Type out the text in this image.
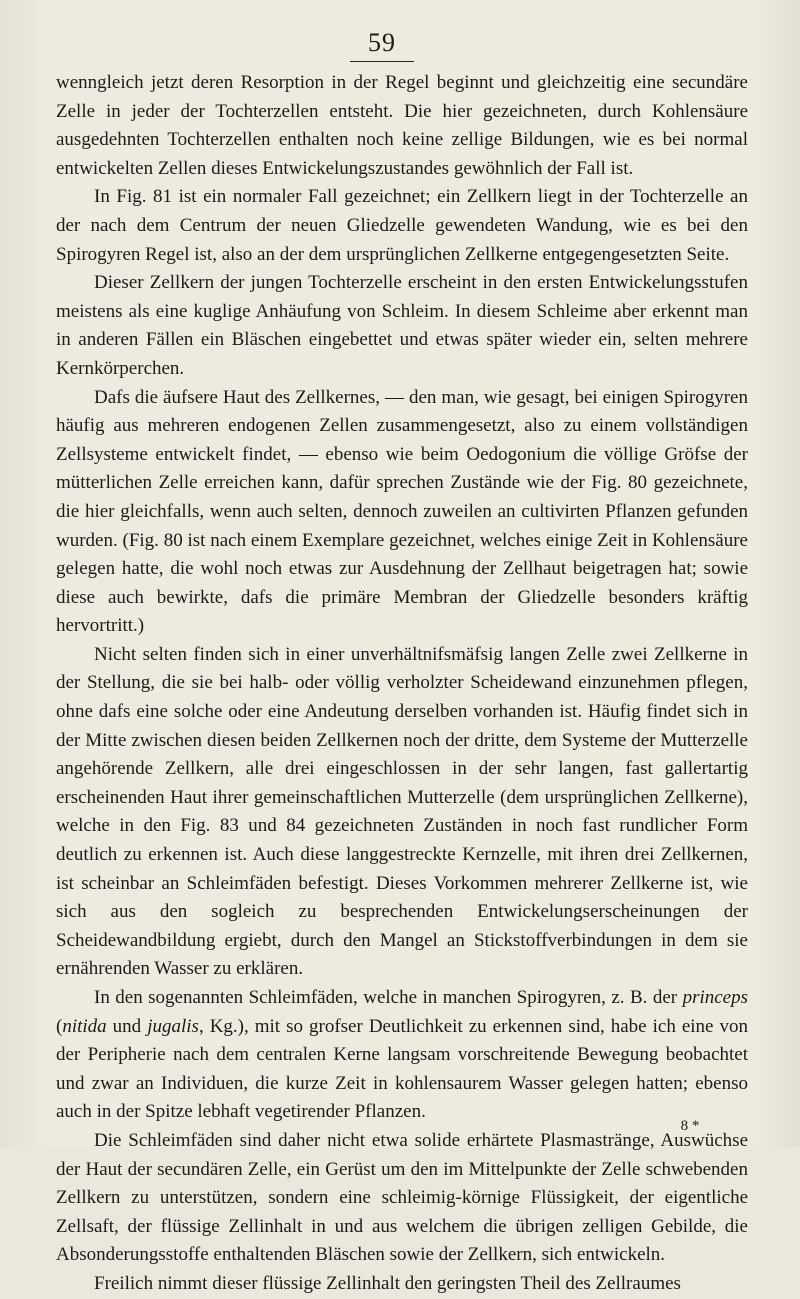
59

wenngleich jetzt deren Resorption in der Regel beginnt und gleichzeitig eine secundäre Zelle in jeder der Tochterzellen entsteht. Die hier gezeichneten, durch Kohlensäure ausgedehnten Tochterzellen enthalten noch keine zellige Bildungen, wie es bei normal entwickelten Zellen dieses Entwickelungszustandes gewöhnlich der Fall ist.

In Fig. 81 ist ein normaler Fall gezeichnet; ein Zellkern liegt in der Tochterzelle an der nach dem Centrum der neuen Gliedzelle gewendeten Wandung, wie es bei den Spirogyren Regel ist, also an der dem ursprünglichen Zellkerne entgegengesetzten Seite.

Dieser Zellkern der jungen Tochterzelle erscheint in den ersten Entwickelungsstufen meistens als eine kuglige Anhäufung von Schleim. In diesem Schleime aber erkennt man in anderen Fällen ein Bläschen eingebettet und etwas später wieder ein, selten mehrere Kernkörperchen.

Dafs die äufsere Haut des Zellkernes, — den man, wie gesagt, bei einigen Spirogyren häufig aus mehreren endogenen Zellen zusammengesetzt, also zu einem vollständigen Zellsysteme entwickelt findet, — ebenso wie beim Oedogonium die völlige Gröfse der mütterlichen Zelle erreichen kann, dafür sprechen Zustände wie der Fig. 80 gezeichnete, die hier gleichfalls, wenn auch selten, dennoch zuweilen an cultivirten Pflanzen gefunden wurden. (Fig. 80 ist nach einem Exemplare gezeichnet, welches einige Zeit in Kohlensäure gelegen hatte, die wohl noch etwas zur Ausdehnung der Zellhaut beigetragen hat; sowie diese auch bewirkte, dafs die primäre Membran der Gliedzelle besonders kräftig hervortritt.)

Nicht selten finden sich in einer unverhältnifsmäfsig langen Zelle zwei Zellkerne in der Stellung, die sie bei halb- oder völlig verholzter Scheidewand einzunehmen pflegen, ohne dafs eine solche oder eine Andeutung derselben vorhanden ist. Häufig findet sich in der Mitte zwischen diesen beiden Zellkernen noch der dritte, dem Systeme der Mutterzelle angehörende Zellkern, alle drei eingeschlossen in der sehr langen, fast gallertartig erscheinenden Haut ihrer gemeinschaftlichen Mutterzelle (dem ursprünglichen Zellkerne), welche in den Fig. 83 und 84 gezeichneten Zuständen in noch fast rundlicher Form deutlich zu erkennen ist. Auch diese langgestreckte Kernzelle, mit ihren drei Zellkernen, ist scheinbar an Schleimfäden befestigt. Dieses Vorkommen mehrerer Zellkerne ist, wie sich aus den sogleich zu besprechenden Entwickelungserscheinungen der Scheidewandbildung ergiebt, durch den Mangel an Stickstoffverbindungen in dem sie ernährenden Wasser zu erklären.

In den sogenannten Schleimfäden, welche in manchen Spirogyren, z. B. der princeps (nitida und jugalis, Kg.), mit so grofser Deutlichkeit zu erkennen sind, habe ich eine von der Peripherie nach dem centralen Kerne langsam vorschreitende Bewegung beobachtet und zwar an Individuen, die kurze Zeit in kohlensaurem Wasser gelegen hatten; ebenso auch in der Spitze lebhaft vegetirender Pflanzen.

Die Schleimfäden sind daher nicht etwa solide erhärtete Plasmastränge, Auswüchse der Haut der secundären Zelle, ein Gerüst um den im Mittelpunkte der Zelle schwebenden Zellkern zu unterstützen, sondern eine schleimig-körnige Flüssigkeit, der eigentliche Zellsaft, der flüssige Zellinhalt in und aus welchem die übrigen zelligen Gebilde, die Absonderungsstoffe enthaltenden Bläschen sowie der Zellkern, sich entwickeln.

Freilich nimmt dieser flüssige Zellinhalt den geringsten Theil des Zellraumes

8 *
